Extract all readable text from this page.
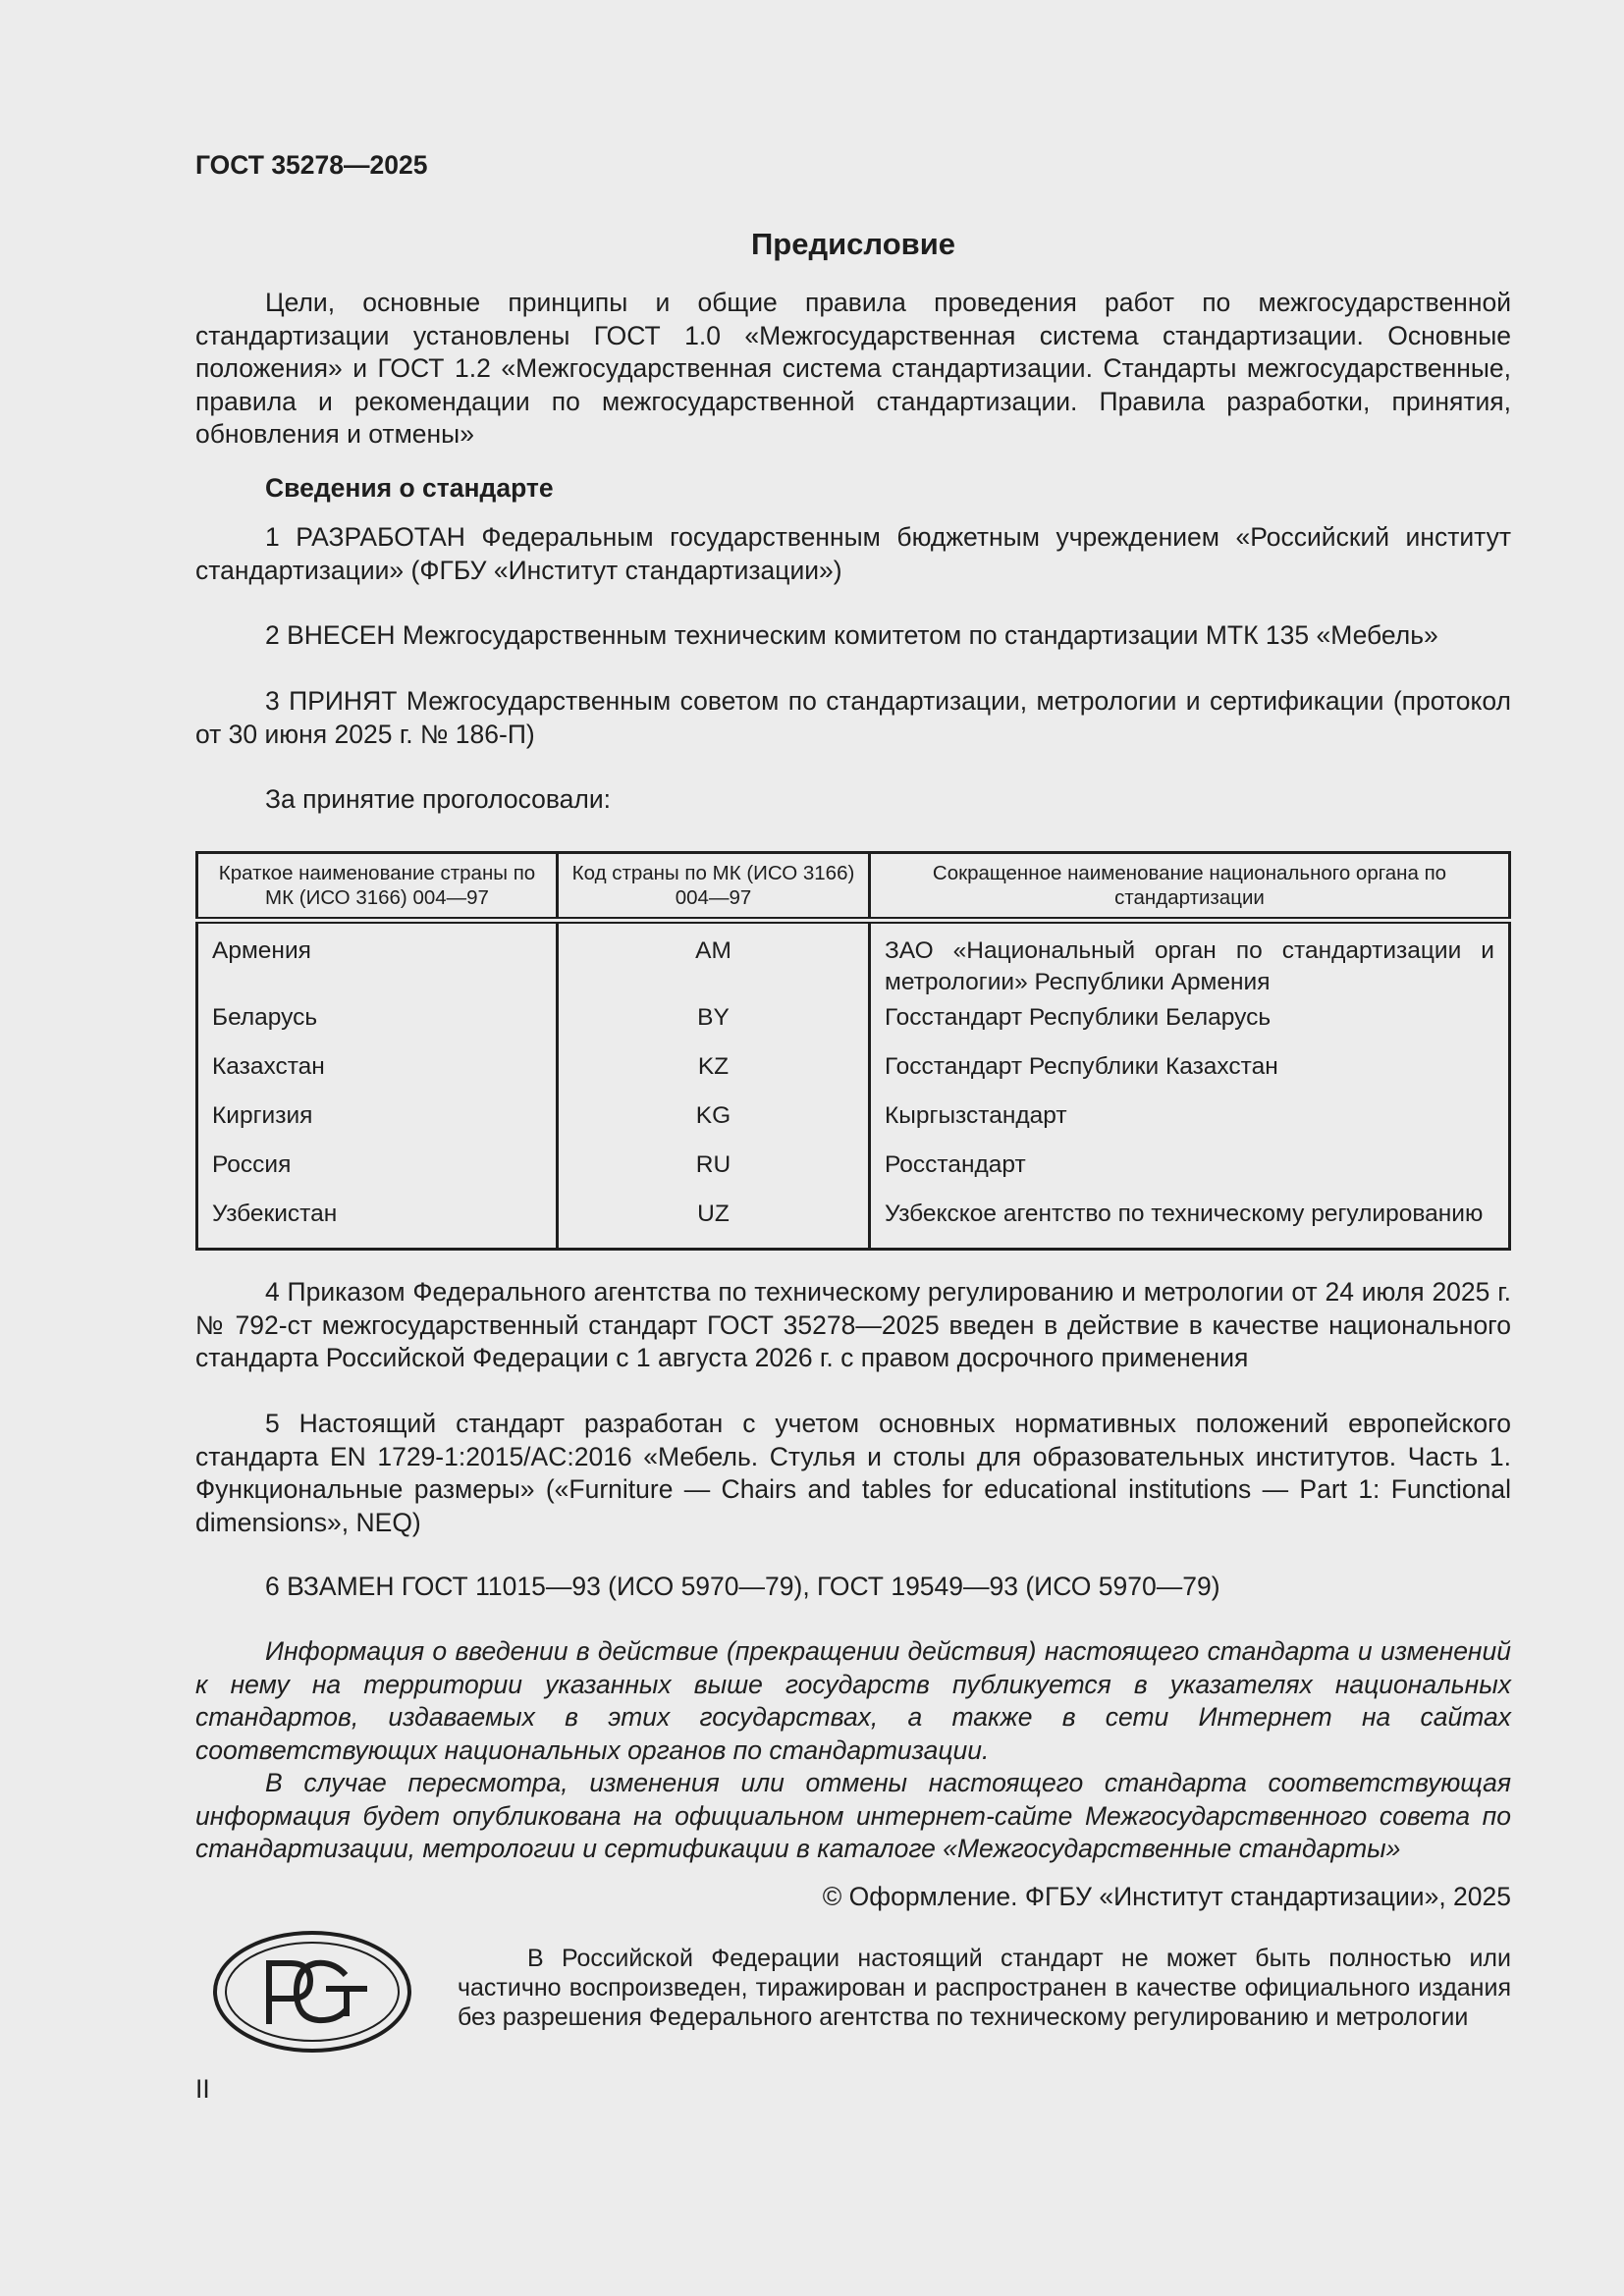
ГОСТ 35278—2025
Предисловие
Цели, основные принципы и общие правила проведения работ по межгосударственной стандартизации установлены ГОСТ 1.0 «Межгосударственная система стандартизации. Основные положения» и ГОСТ 1.2 «Межгосударственная система стандартизации. Стандарты межгосударственные, правила и рекомендации по межгосударственной стандартизации. Правила разработки, принятия, обновления и отмены»
Сведения о стандарте
1 РАЗРАБОТАН Федеральным государственным бюджетным учреждением «Российский институт стандартизации» (ФГБУ «Институт стандартизации»)
2 ВНЕСЕН Межгосударственным техническим комитетом по стандартизации МТК 135 «Мебель»
3 ПРИНЯТ Межгосударственным советом по стандартизации, метрологии и сертификации (протокол от 30 июня 2025 г. № 186-П)
За принятие проголосовали:
Краткое наименование страны по МК (ИСО 3166) 004—97	Код страны по МК (ИСО 3166) 004—97	Сокращенное наименование национального органа по стандартизации
Армения	AM	ЗАО «Национальный орган по стандартизации и метрологии» Республики Армения
Беларусь	BY	Госстандарт Республики Беларусь
Казахстан	KZ	Госстандарт Республики Казахстан
Киргизия	KG	Кыргызстандарт
Россия	RU	Росстандарт
Узбекистан	UZ	Узбекское агентство по техническому регулированию
4 Приказом Федерального агентства по техническому регулированию и метрологии от 24 июля 2025 г. № 792-ст межгосударственный стандарт ГОСТ 35278—2025 введен в действие в качестве национального стандарта Российской Федерации с 1 августа 2026 г. с правом досрочного применения
5 Настоящий стандарт разработан с учетом основных нормативных положений европейского стандарта EN 1729-1:2015/AC:2016 «Мебель. Стулья и столы для образовательных институтов. Часть 1. Функциональные размеры» («Furniture — Chairs and tables for educational institutions — Part 1: Functional dimensions», NEQ)
6 ВЗАМЕН ГОСТ 11015—93 (ИСО 5970—79), ГОСТ 19549—93 (ИСО 5970—79)
Информация о введении в действие (прекращении действия) настоящего стандарта и изменений к нему на территории указанных выше государств публикуется в указателях национальных стандартов, издаваемых в этих государствах, а также в сети Интернет на сайтах соответствующих национальных органов по стандартизации.
В случае пересмотра, изменения или отмены настоящего стандарта соответствующая информация будет опубликована на официальном интернет-сайте Межгосударственного совета по стандартизации, метрологии и сертификации в каталоге «Межгосударственные стандарты»
© Оформление. ФГБУ «Институт стандартизации», 2025
В Российской Федерации настоящий стандарт не может быть полностью или частично воспроизведен, тиражирован и распространен в качестве официального издания без разрешения Федерального агентства по техническому регулированию и метрологии
II
